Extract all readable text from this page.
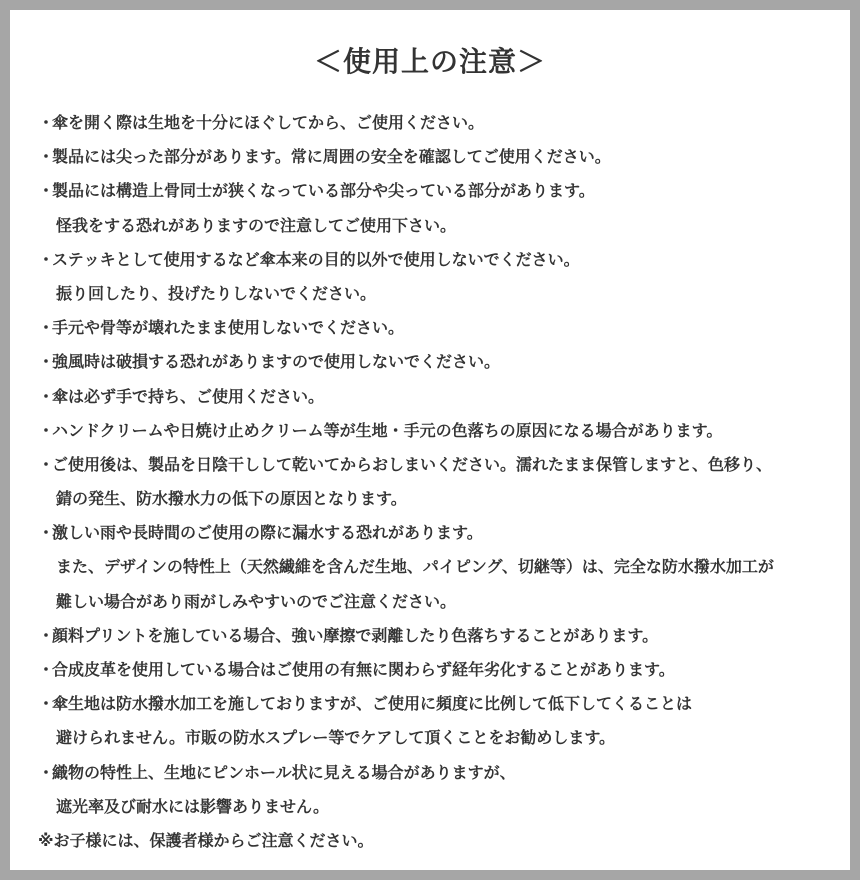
＜使用上の注意＞
・傘を開く際は生地を十分にほぐしてから、ご使用ください。
・製品には尖った部分があります。常に周囲の安全を確認してご使用ください。
・製品には構造上骨同士が狭くなっている部分や尖っている部分があります。
怪我をする恐れがありますので注意してご使用下さい。
・ステッキとして使用するなど傘本来の目的以外で使用しないでください。
振り回したり、投げたりしないでください。
・手元や骨等が壊れたまま使用しないでください。
・強風時は破損する恐れがありますので使用しないでください。
・傘は必ず手で持ち、ご使用ください。
・ハンドクリームや日焼け止めクリーム等が生地・手元の色落ちの原因になる場合があります。
・ご使用後は、製品を日陰干しして乾いてからおしまいください。濡れたまま保管しますと、色移り、
錆の発生、防水撥水力の低下の原因となります。
・激しい雨や長時間のご使用の際に漏水する恐れがあります。
また、デザインの特性上（天然繊維を含んだ生地、パイピング、切継等）は、完全な防水撥水加工が
難しい場合があり雨がしみやすいのでご注意ください。
・顔料プリントを施している場合、強い摩擦で剥離したり色落ちすることがあります。
・合成皮革を使用している場合はご使用の有無に関わらず経年劣化することがあります。
・傘生地は防水撥水加工を施しておりますが、ご使用に頻度に比例して低下してくることは
避けられません。市販の防水スプレー等でケアして頂くことをお勧めします。
・織物の特性上、生地にピンホール状に見える場合がありますが、
遮光率及び耐水には影響ありません。
※お子様には、保護者様からご注意ください。
